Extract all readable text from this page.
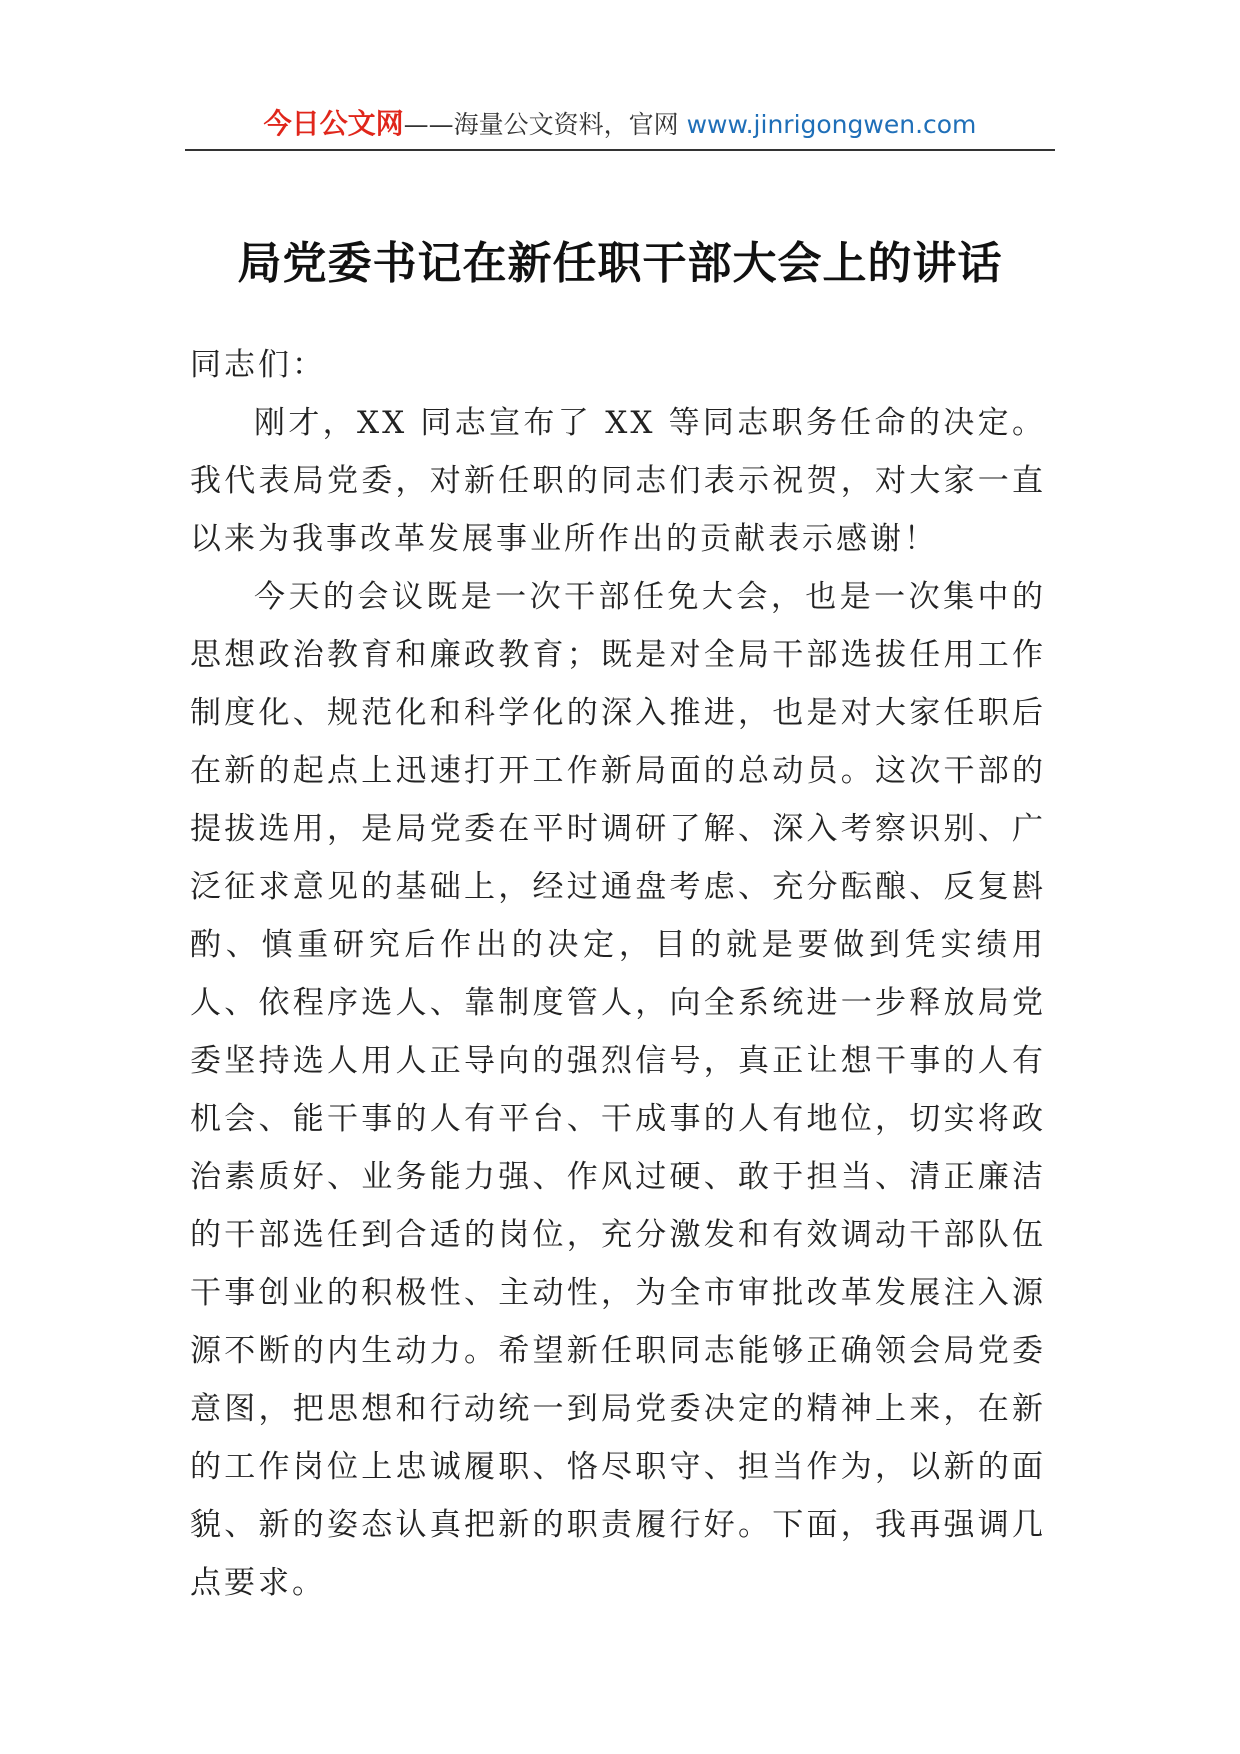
今日公文网——海量公文资料，官网 www.jinrigongwen.com
局党委书记在新任职干部大会上的讲话

同志们：

刚才，XX 同志宣布了 XX 等同志职务任命的决定。我代表局党委，对新任职的同志们表示祝贺，对大家一直以来为我事改革发展事业所作出的贡献表示感谢！

今天的会议既是一次干部任免大会，也是一次集中的思想政治教育和廉政教育；既是对全局干部选拔任用工作制度化、规范化和科学化的深入推进，也是对大家任职后在新的起点上迅速打开工作新局面的总动员。这次干部的提拔选用，是局党委在平时调研了解、深入考察识别、广泛征求意见的基础上，经过通盘考虑、充分酝酿、反复斟酌、慎重研究后作出的决定，目的就是要做到凭实绩用人、依程序选人、靠制度管人，向全系统进一步释放局党委坚持选人用人正导向的强烈信号，真正让想干事的人有机会、能干事的人有平台、干成事的人有地位，切实将政治素质好、业务能力强、作风过硬、敢于担当、清正廉洁的干部选任到合适的岗位，充分激发和有效调动干部队伍干事创业的积极性、主动性，为全市审批改革发展注入源源不断的内生动力。希望新任职同志能够正确领会局党委意图，把思想和行动统一到局党委决定的精神上来，在新的工作岗位上忠诚履职、恪尽职守、担当作为，以新的面貌、新的姿态认真把新的职责履行好。下面，我再强调几点要求。
